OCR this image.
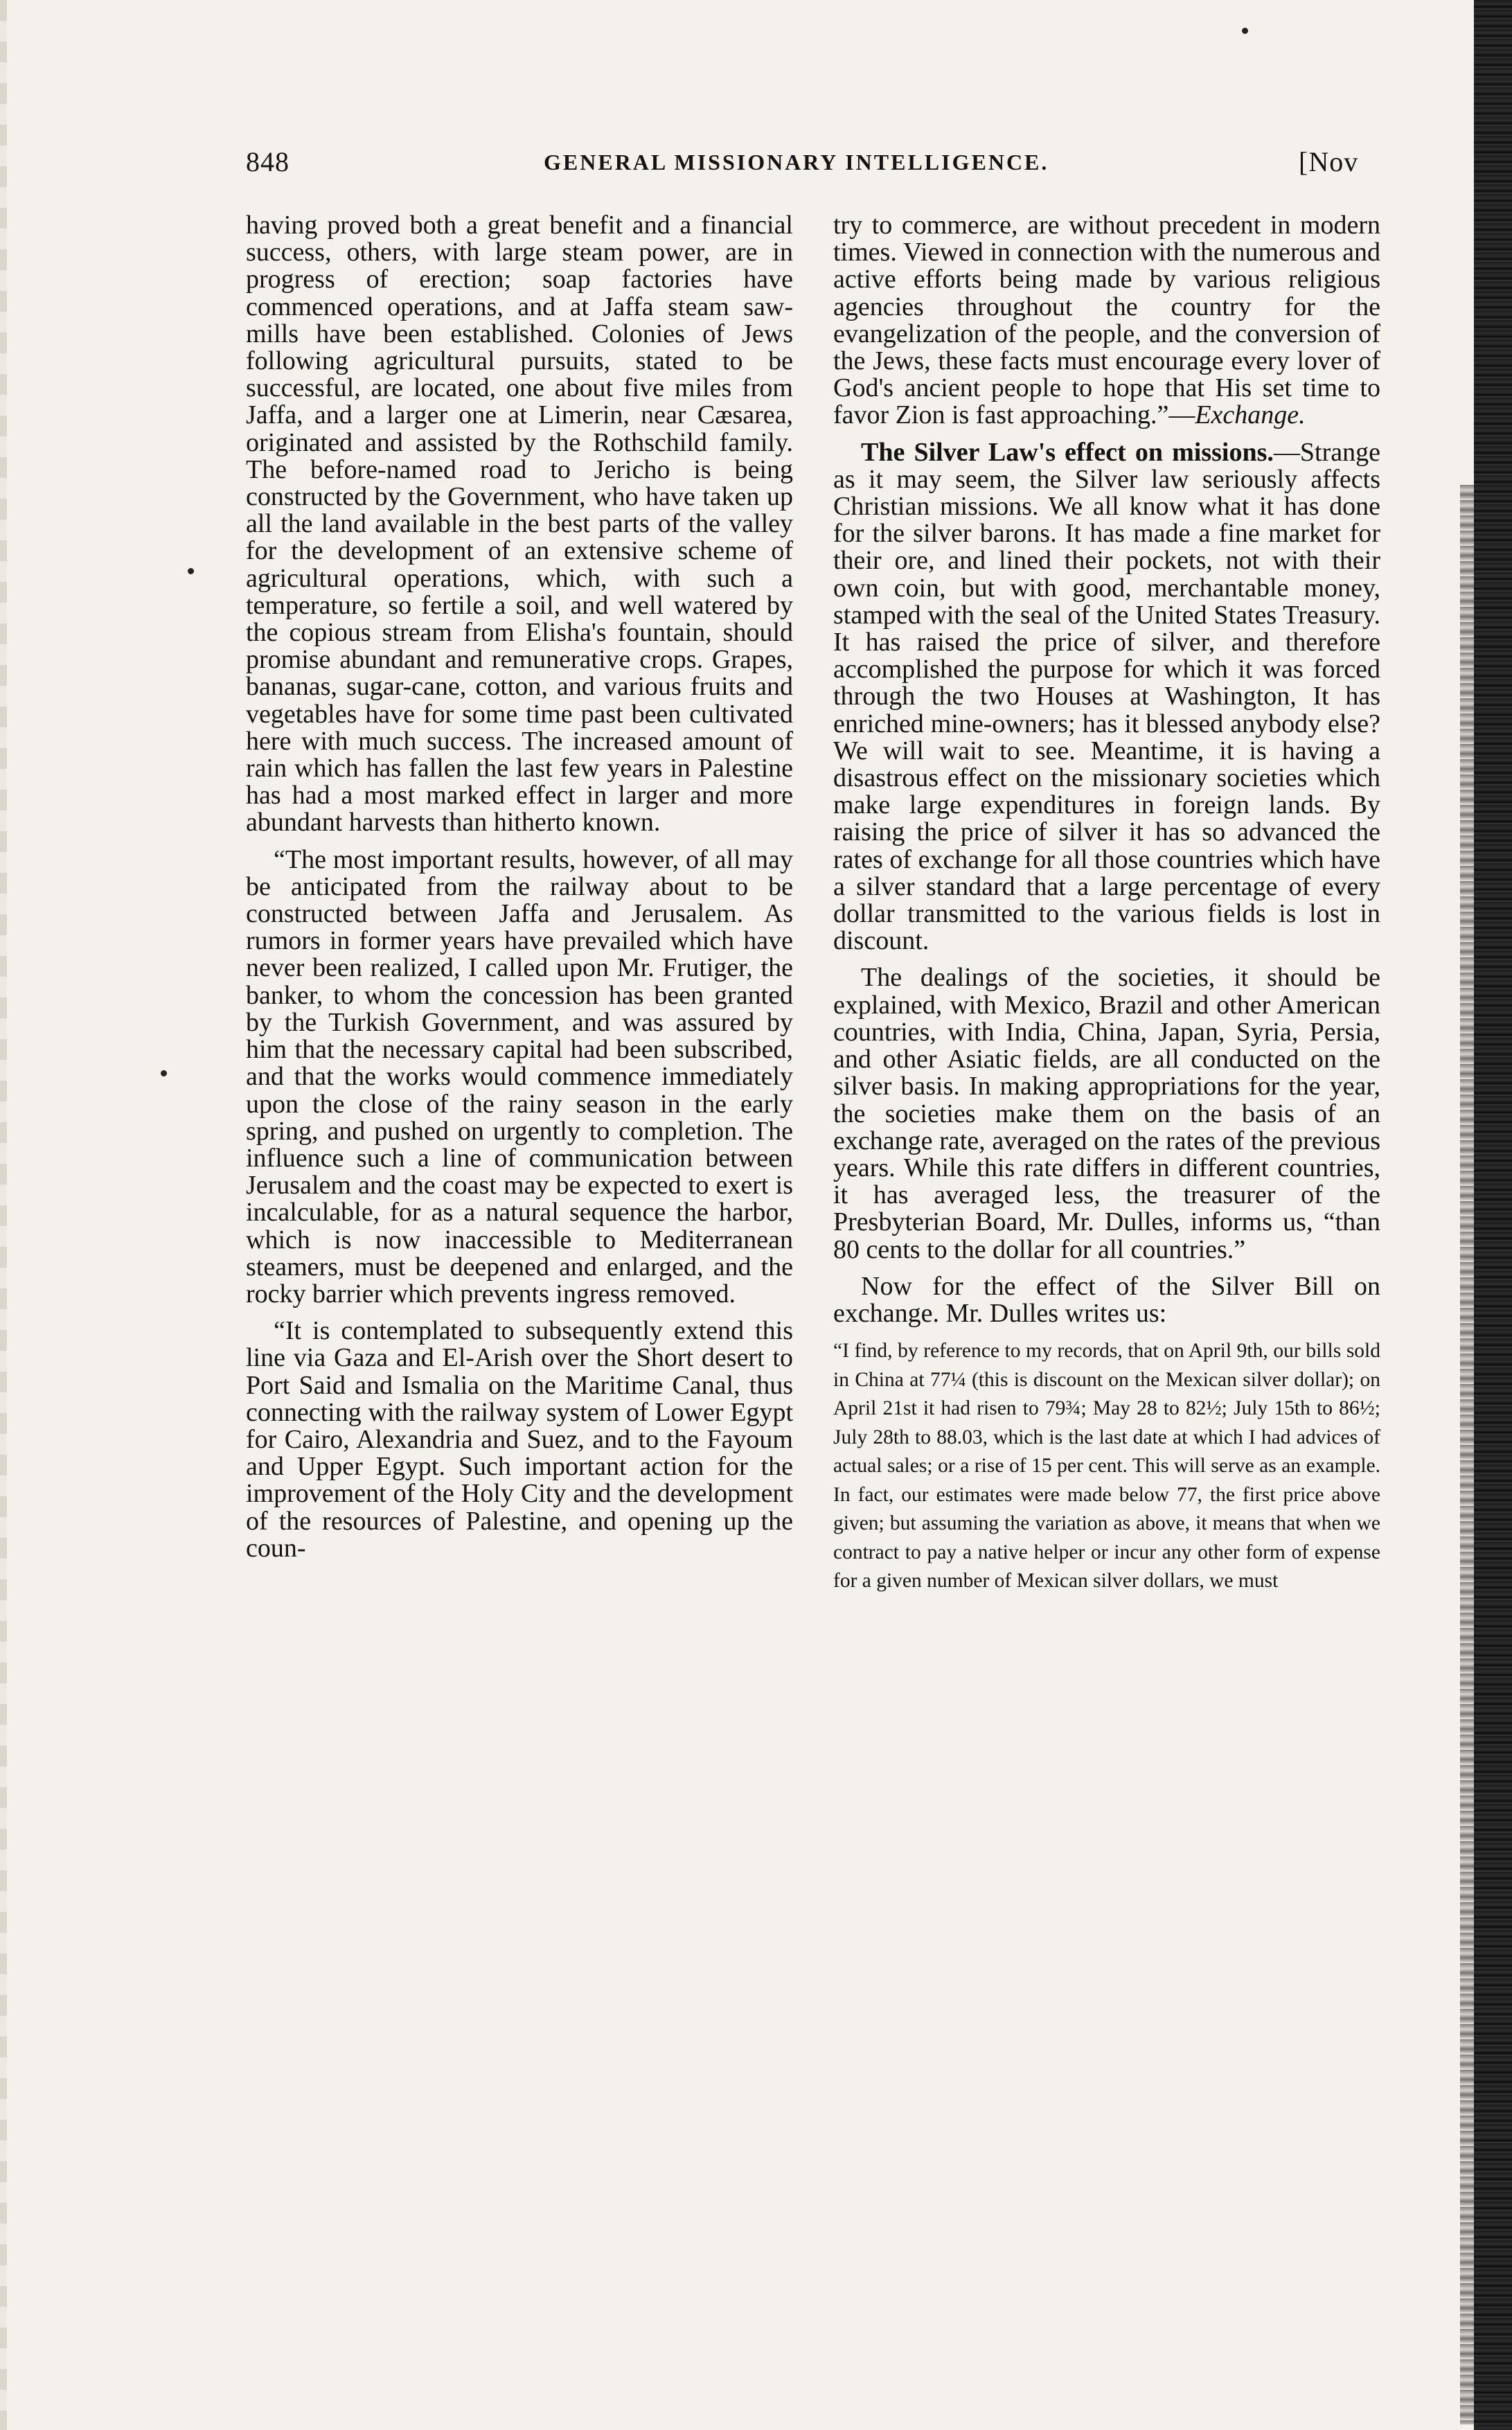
848	GENERAL MISSIONARY INTELLIGENCE.	[Nov

having proved both a great benefit and a financial success, others, with large steam power, are in progress of erection; soap factories have commenced operations, and at Jaffa steam saw-mills have been established. Colonies of Jews following agricultural pursuits, stated to be successful, are located, one about five miles from Jaffa, and a larger one at Limerin, near Cæsarea, originated and assisted by the Rothschild family. The before-named road to Jericho is being constructed by the Government, who have taken up all the land available in the best parts of the valley for the development of an extensive scheme of agricultural operations, which, with such a temperature, so fertile a soil, and well watered by the copious stream from Elisha's fountain, should promise abundant and remunerative crops. Grapes, bananas, sugar-cane, cotton, and various fruits and vegetables have for some time past been cultivated here with much success. The increased amount of rain which has fallen the last few years in Palestine has had a most marked effect in larger and more abundant harvests than hitherto known.

“The most important results, however, of all may be anticipated from the railway about to be constructed between Jaffa and Jerusalem. As rumors in former years have prevailed which have never been realized, I called upon Mr. Frutiger, the banker, to whom the concession has been granted by the Turkish Government, and was assured by him that the necessary capital had been subscribed, and that the works would commence immediately upon the close of the rainy season in the early spring, and pushed on urgently to completion. The influence such a line of communication between Jerusalem and the coast may be expected to exert is incalculable, for as a natural sequence the harbor, which is now inaccessible to Mediterranean steamers, must be deepened and enlarged, and the rocky barrier which prevents ingress removed.

“It is contemplated to subsequently extend this line via Gaza and El-Arish over the Short desert to Port Said and Ismalia on the Maritime Canal, thus connecting with the railway system of Lower Egypt for Cairo, Alexandria and Suez, and to the Fayoum and Upper Egypt. Such important action for the improvement of the Holy City and the development of the resources of Palestine, and opening up the coun-

try to commerce, are without precedent in modern times. Viewed in connection with the numerous and active efforts being made by various religious agencies throughout the country for the evangelization of the people, and the conversion of the Jews, these facts must encourage every lover of God's ancient people to hope that His set time to favor Zion is fast approaching.”—Exchange.

The Silver Law's effect on missions.—Strange as it may seem, the Silver law seriously affects Christian missions. We all know what it has done for the silver barons. It has made a fine market for their ore, and lined their pockets, not with their own coin, but with good, merchantable money, stamped with the seal of the United States Treasury. It has raised the price of silver, and therefore accomplished the purpose for which it was forced through the two Houses at Washington, It has enriched mine-owners; has it blessed anybody else? We will wait to see. Meantime, it is having a disastrous effect on the missionary societies which make large expenditures in foreign lands. By raising the price of silver it has so advanced the rates of exchange for all those countries which have a silver standard that a large percentage of every dollar transmitted to the various fields is lost in discount.

The dealings of the societies, it should be explained, with Mexico, Brazil and other American countries, with India, China, Japan, Syria, Persia, and other Asiatic fields, are all conducted on the silver basis. In making appropriations for the year, the societies make them on the basis of an exchange rate, averaged on the rates of the previous years. While this rate differs in different countries, it has averaged less, the treasurer of the Presbyterian Board, Mr. Dulles, informs us, “than 80 cents to the dollar for all countries.”

Now for the effect of the Silver Bill on exchange. Mr. Dulles writes us:

“I find, by reference to my records, that on April 9th, our bills sold in China at 77¼ (this is discount on the Mexican silver dollar); on April 21st it had risen to 79¾; May 28 to 82½; July 15th to 86½; July 28th to 88.03, which is the last date at which I had advices of actual sales; or a rise of 15 per cent. This will serve as an example. In fact, our estimates were made below 77, the first price above given; but assuming the variation as above, it means that when we contract to pay a native helper or incur any other form of expense for a given number of Mexican silver dollars, we must
